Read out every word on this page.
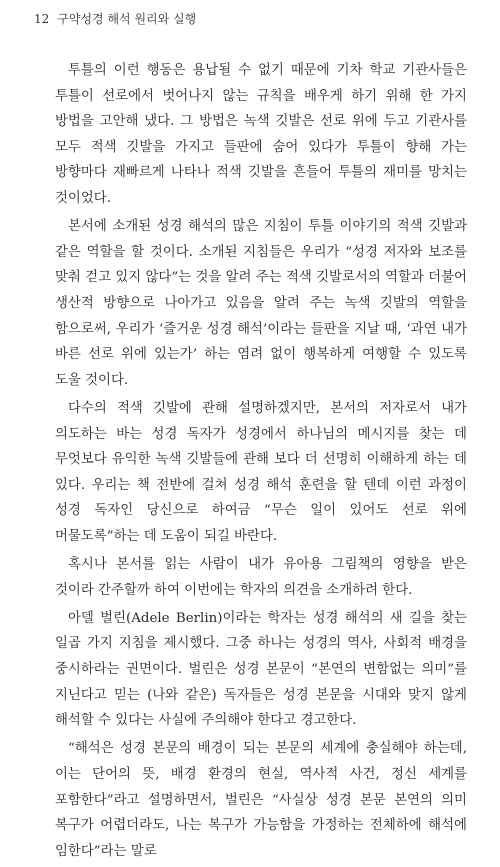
12 구약성경 해석 원리와 실행

투틀의 이런 행동은 용납될 수 없기 때문에 기차 학교 기관사들은 투틀이 선로에서 벗어나지 않는 규칙을 배우게 하기 위해 한 가지 방법을 고안해 냈다. 그 방법은 녹색 깃발은 선로 위에 두고 기관사를 모두 적색 깃발을 가지고 들판에 숨어 있다가 투틀이 향해 가는 방향마다 재빠르게 나타나 적색 깃발을 흔들어 투틀의 재미를 망치는 것이었다.

본서에 소개된 성경 해석의 많은 지침이 투틀 이야기의 적색 깃발과 같은 역할을 할 것이다. 소개된 지침들은 우리가 “성경 저자와 보조를 맞춰 걷고 있지 않다”는 것을 알려 주는 적색 깃발로서의 역할과 더불어 생산적 방향으로 나아가고 있음을 알려 주는 녹색 깃발의 역할을 함으로써, 우리가 ‘즐거운 성경 해석’이라는 들판을 지날 때, ‘과연 내가 바른 선로 위에 있는가’ 하는 염려 없이 행복하게 여행할 수 있도록 도울 것이다.

다수의 적색 깃발에 관해 설명하겠지만, 본서의 저자로서 내가 의도하는 바는 성경 독자가 성경에서 하나님의 메시지를 찾는 데 무엇보다 유익한 녹색 깃발들에 관해 보다 더 선명히 이해하게 하는 데 있다. 우리는 책 전반에 걸쳐 성경 해석 훈련을 할 텐데 이런 과정이 성경 독자인 당신으로 하여금 “무슨 일이 있어도 선로 위에 머물도록”하는 데 도움이 되길 바란다.

혹시나 본서를 읽는 사람이 내가 유아용 그림책의 영향을 받은 것이라 간주할까 하여 이번에는 학자의 의견을 소개하려 한다.

아델 벌린(Adele Berlin)이라는 학자는 성경 해석의 새 길을 찾는 일곱 가지 지침을 제시했다. 그중 하나는 성경의 역사, 사회적 배경을 중시하라는 권면이다. 벌린은 성경 본문이 “본연의 변함없는 의미”를 지닌다고 믿는 (나와 같은) 독자들은 성경 본문을 시대와 맞지 않게 해석할 수 있다는 사실에 주의해야 한다고 경고한다.

“해석은 성경 본문의 배경이 되는 본문의 세계에 충실해야 하는데, 이는 단어의 뜻, 배경 환경의 현실, 역사적 사건, 정신 세계를 포함한다”라고 설명하면서, 벌린은 “사실상 성경 본문 본연의 의미 복구가 어렵더라도, 나는 복구가 가능함을 가정하는 전체하에 해석에 임한다”라는 말로
